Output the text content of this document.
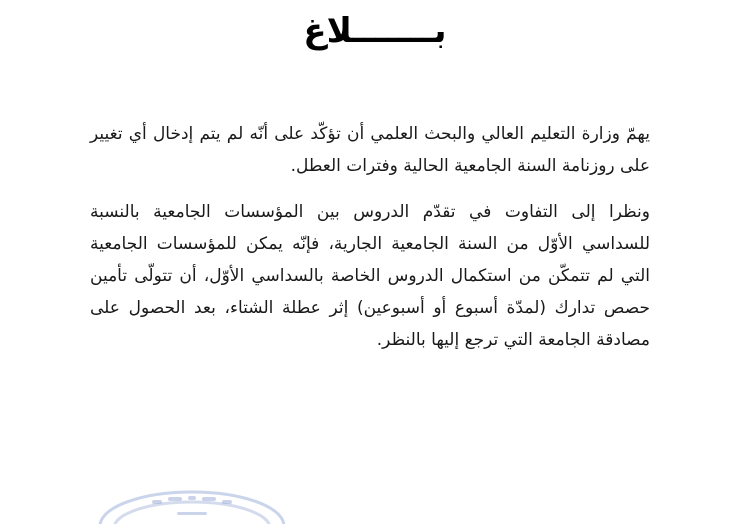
بـــــــلاغ

يهمّ وزارة التعليم العالي والبحث العلمي أن تؤكّد على أنّه لم يتم إدخال أي تغيير على روزنامة السنة الجامعية الحالية وفترات العطل.

ونظرا إلى التفاوت في تقدّم الدروس بين المؤسسات الجامعية بالنسبة للسداسي الأوّل من السنة الجامعية الجارية، فإنّه يمكن للمؤسسات الجامعية التي لم تتمكّن من استكمال الدروس الخاصة بالسداسي الأوّل، أن تتولّى تأمين حصص تدارك (لمدّة أسبوع أو أسبوعين) إثر عطلة الشتاء، بعد الحصول على مصادقة الجامعة التي ترجع إليها بالنظر.
